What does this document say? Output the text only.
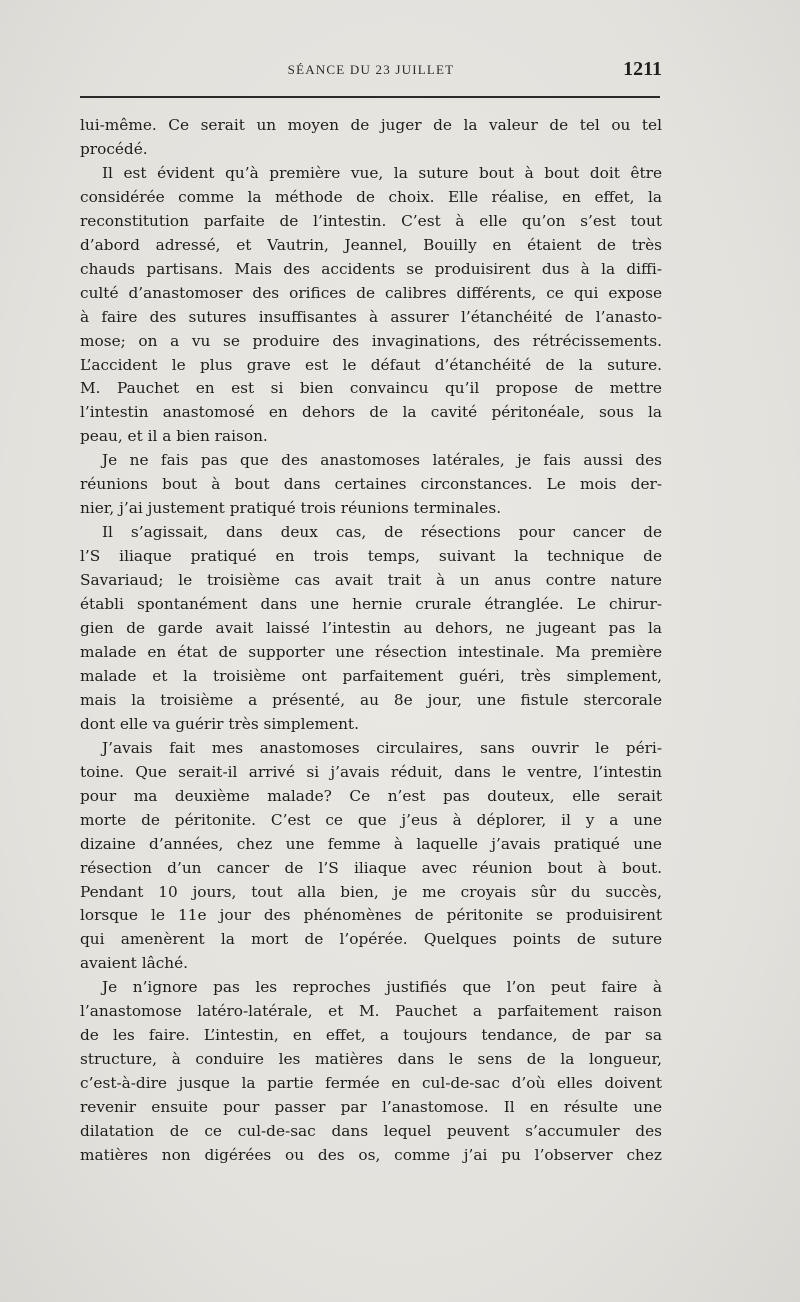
SÉANCE DU 23 JUILLET	1211
lui-même. Ce serait un moyen de juger de la valeur de tel ou tel
procédé.
Il est évident qu’à première vue, la suture bout à bout doit être
considérée comme la méthode de choix. Elle réalise, en effet, la
reconstitution parfaite de l’intestin. C’est à elle qu’on s’est tout
d’abord adressé, et Vautrin, Jeannel, Bouilly en étaient de très
chauds partisans. Mais des accidents se produisirent dus à la diffi-
culté d’anastomoser des orifices de calibres différents, ce qui expose
à faire des sutures insuffisantes à assurer l’étanchéité de l’anasto-
mose; on a vu se produire des invaginations, des rétrécissements.
L’accident le plus grave est le défaut d’étanchéité de la suture.
M. Pauchet en est si bien convaincu qu’il propose de mettre
l’intestin anastomosé en dehors de la cavité péritonéale, sous la
peau, et il a bien raison.
Je ne fais pas que des anastomoses latérales, je fais aussi des
réunions bout à bout dans certaines circonstances. Le mois der-
nier, j’ai justement pratiqué trois réunions terminales.
Il s’agissait, dans deux cas, de résections pour cancer de
l’S iliaque pratiqué en trois temps, suivant la technique de
Savariaud; le troisième cas avait trait à un anus contre nature
établi spontanément dans une hernie crurale étranglée. Le chirur-
gien de garde avait laissé l’intestin au dehors, ne jugeant pas la
malade en état de supporter une résection intestinale. Ma première
malade et la troisième ont parfaitement guéri, très simplement,
mais la troisième a présenté, au 8e jour, une fistule stercorale
dont elle va guérir très simplement.
J’avais fait mes anastomoses circulaires, sans ouvrir le péri-
toine. Que serait-il arrivé si j’avais réduit, dans le ventre, l’intestin
pour ma deuxième malade? Ce n’est pas douteux, elle serait
morte de péritonite. C’est ce que j’eus à déplorer, il y a une
dizaine d’années, chez une femme à laquelle j’avais pratiqué une
résection d’un cancer de l’S iliaque avec réunion bout à bout.
Pendant 10 jours, tout alla bien, je me croyais sûr du succès,
lorsque le 11e jour des phénomènes de péritonite se produisirent
qui amenèrent la mort de l’opérée. Quelques points de suture
avaient lâché.
Je n’ignore pas les reproches justifiés que l’on peut faire à
l’anastomose latéro-latérale, et M. Pauchet a parfaitement raison
de les faire. L’intestin, en effet, a toujours tendance, de par sa
structure, à conduire les matières dans le sens de la longueur,
c’est-à-dire jusque la partie fermée en cul-de-sac d’où elles doivent
revenir ensuite pour passer par l’anastomose. Il en résulte une
dilatation de ce cul-de-sac dans lequel peuvent s’accumuler des
matières non digérées ou des os, comme j’ai pu l’observer chez
